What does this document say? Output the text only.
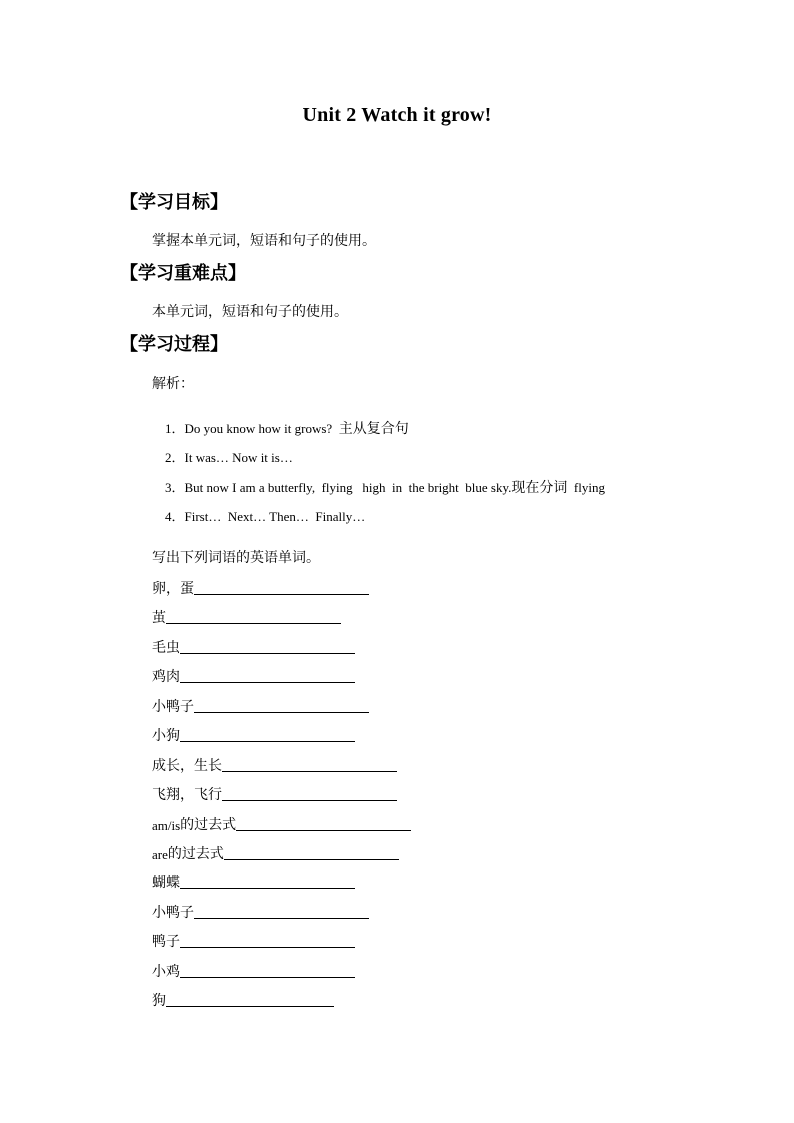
Unit 2 Watch it grow!
【学习目标】
掌握本单元词，短语和句子的使用。
【学习重难点】
本单元词，短语和句子的使用。
【学习过程】
解析：

1．Do you know how it grows?  主从复合句

2．It was… Now it is…

3．But now I am a butterfly,  flying   high  in  the bright  blue sky.现在分词  flying

4．First…  Next… Then…  Finally…

写出下列词语的英语单词。
卵，蛋
茧
毛虫
鸡肉
小鸭子
小狗
成长，生长
飞翔，飞行
am/is 的过去式
are 的过去式
蝴蝶
小鸭子
鸭子
小鸡
狗
